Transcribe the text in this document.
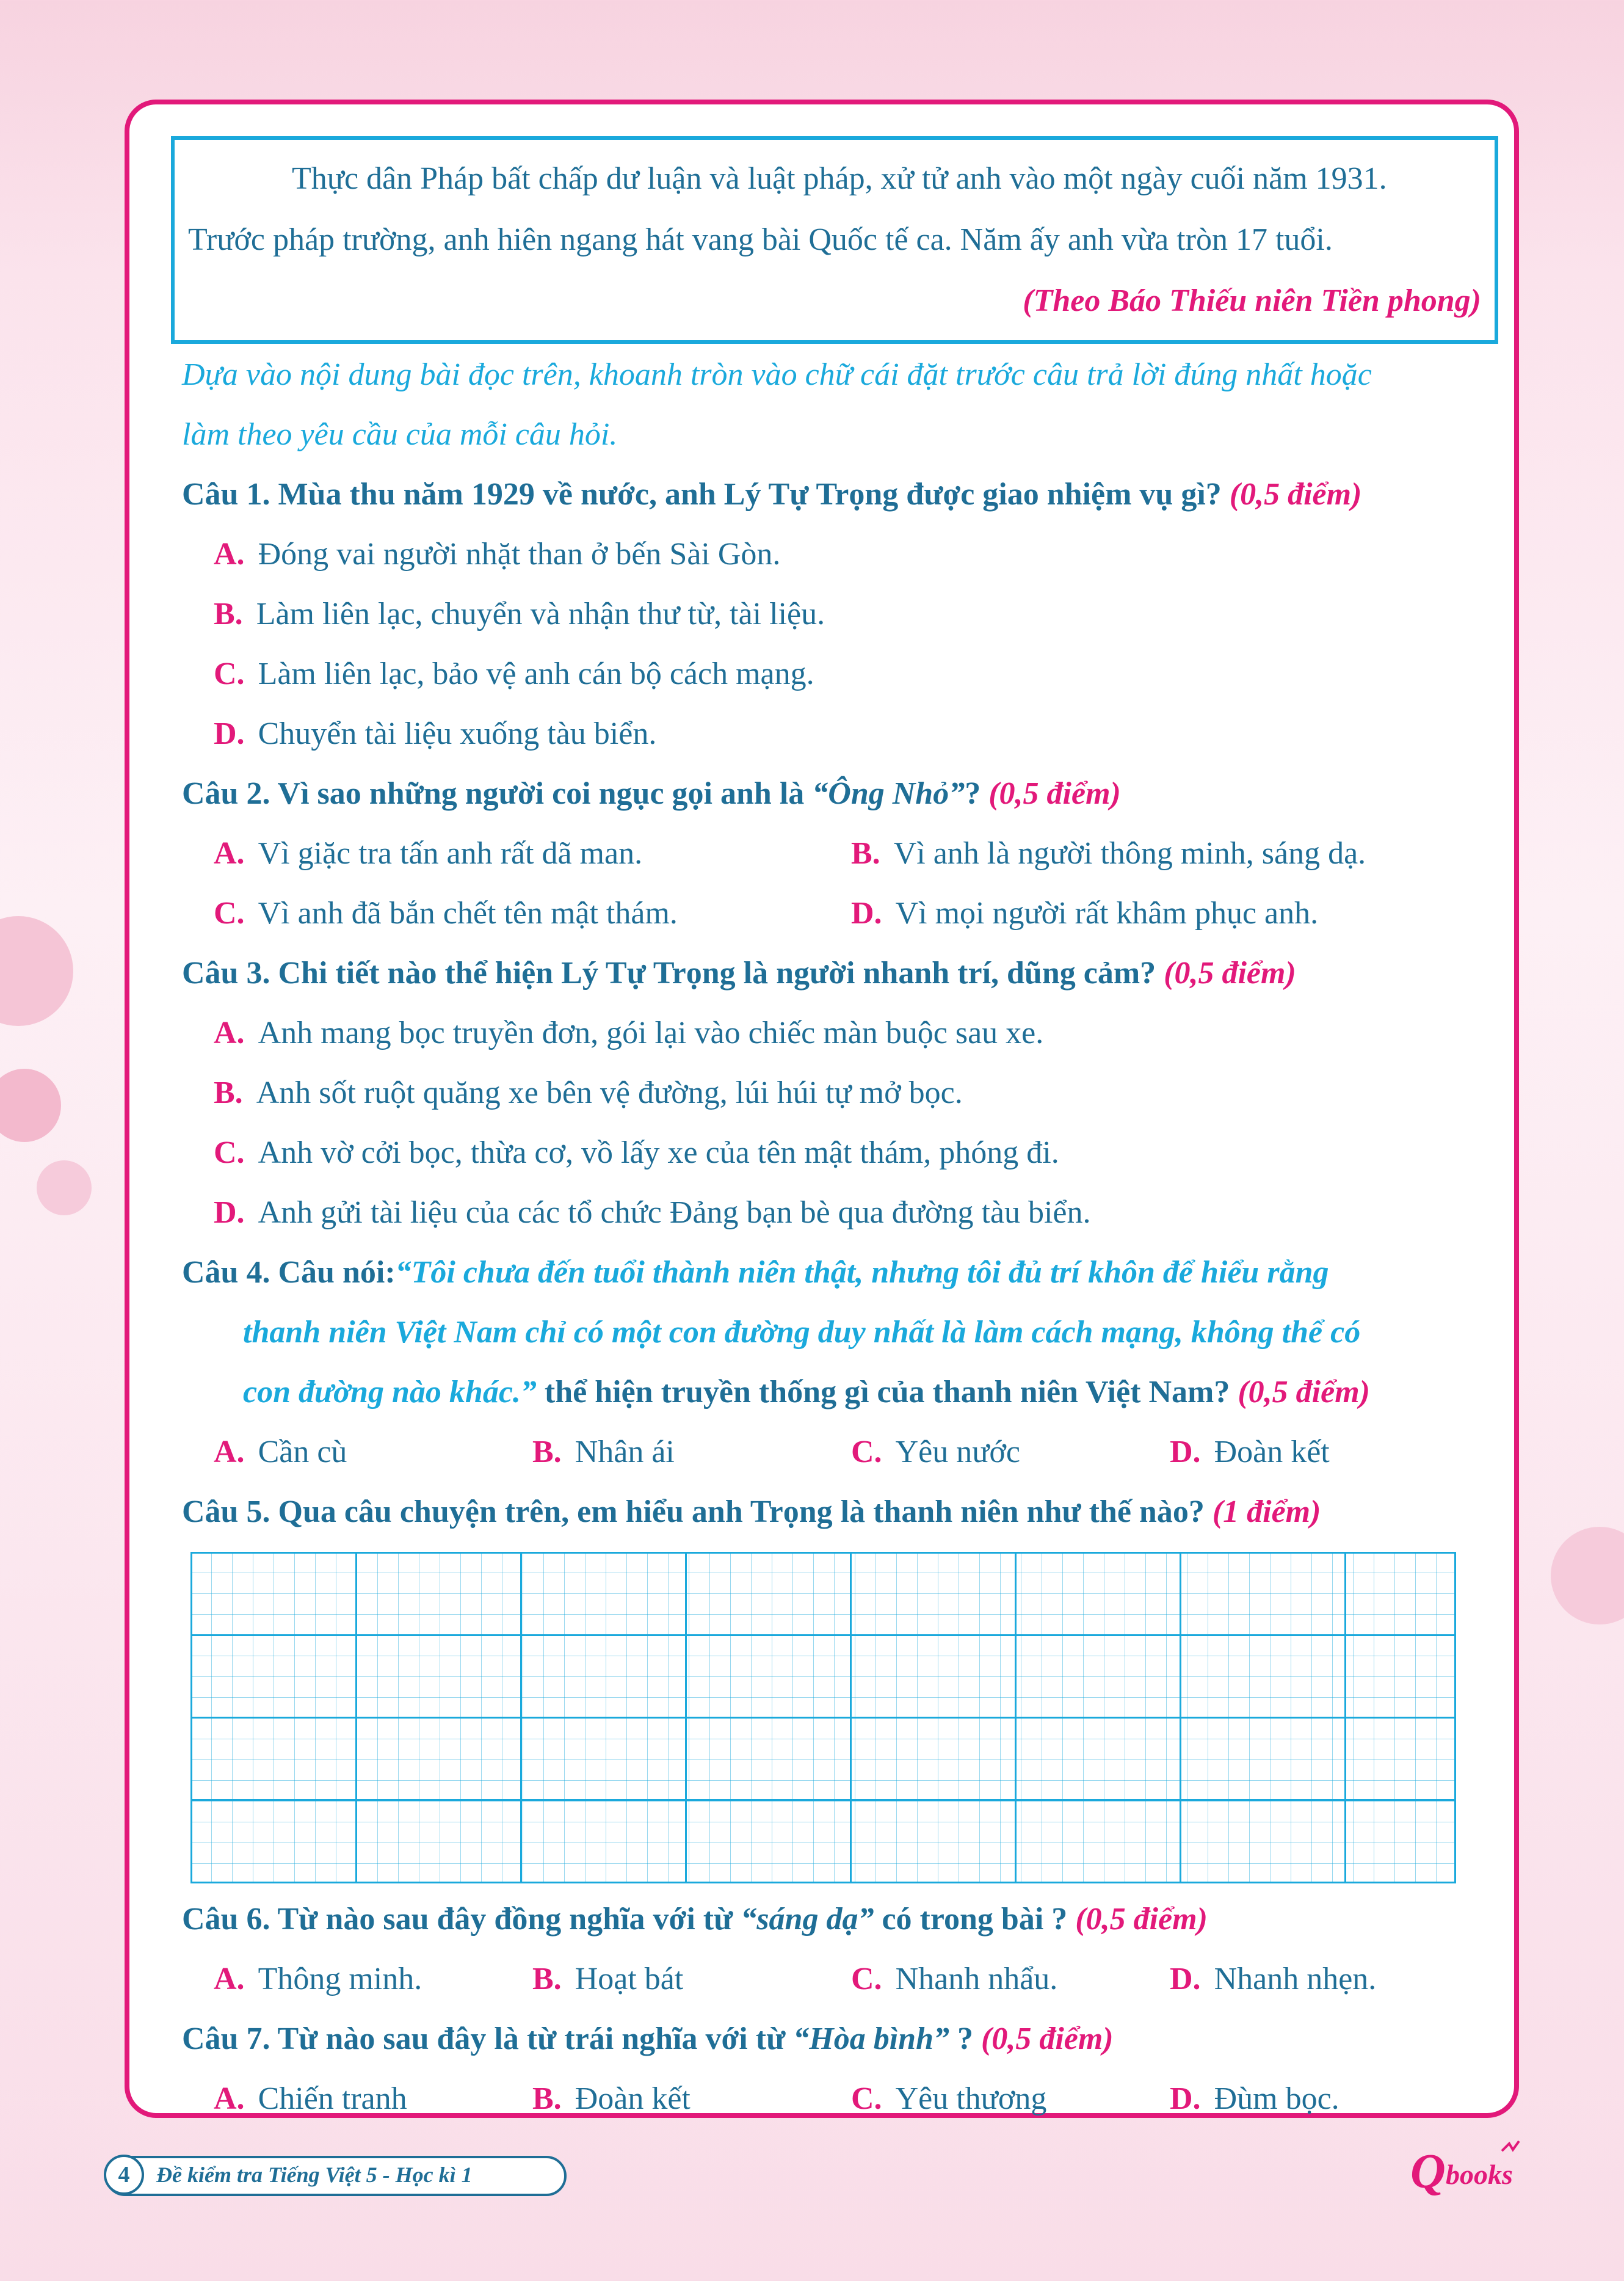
Thực dân Pháp bất chấp dư luận và luật pháp, xử tử anh vào một ngày cuối năm 1931.

Trước pháp trường, anh hiên ngang hát vang bài Quốc tế ca. Năm ấy anh vừa tròn 17 tuổi.

(Theo Báo Thiếu niên Tiền phong)

Dựa vào nội dung bài đọc trên, khoanh tròn vào chữ cái đặt trước câu trả lời đúng nhất hoặc

làm theo yêu cầu của mỗi câu hỏi.

Câu 1. Mùa thu năm 1929 về nước, anh Lý Tự Trọng được giao nhiệm vụ gì? (0,5 điểm)

A. Đóng vai người nhặt than ở bến Sài Gòn.
B. Làm liên lạc, chuyển và nhận thư từ, tài liệu.
C. Làm liên lạc, bảo vệ anh cán bộ cách mạng.
D. Chuyển tài liệu xuống tàu biển.

Câu 2. Vì sao những người coi ngục gọi anh là “Ông Nhỏ”? (0,5 điểm)

A. Vì giặc tra tấn anh rất dã man.	B. Vì anh là người thông minh, sáng dạ.
C. Vì anh đã bắn chết tên mật thám.	D. Vì mọi người rất khâm phục anh.

Câu 3. Chi tiết nào thể hiện Lý Tự Trọng là người nhanh trí, dũng cảm? (0,5 điểm)

A. Anh mang bọc truyền đơn, gói lại vào chiếc màn buộc sau xe.
B. Anh sốt ruột quăng xe bên vệ đường, lúi húi tự mở bọc.
C. Anh vờ cởi bọc, thừa cơ, vồ lấy xe của tên mật thám, phóng đi.
D. Anh gửi tài liệu của các tổ chức Đảng bạn bè qua đường tàu biển.

Câu 4. Câu nói:“Tôi chưa đến tuổi thành niên thật, nhưng tôi đủ trí khôn để hiểu rằng

thanh niên Việt Nam chỉ có một con đường duy nhất là làm cách mạng, không thể có

con đường nào khác.” thể hiện truyền thống gì của thanh niên Việt Nam? (0,5 điểm)

A. Cần cù	B. Nhân ái	C. Yêu nước	D. Đoàn kết

Câu 5. Qua câu chuyện trên, em hiểu anh Trọng là thanh niên như thế nào? (1 điểm)

Câu 6. Từ nào sau đây đồng nghĩa với từ “sáng dạ” có trong bài ? (0,5 điểm)

A. Thông minh.	B. Hoạt bát	C. Nhanh nhẩu.	D. Nhanh nhẹn.

Câu 7. Từ nào sau đây là từ trái nghĩa với từ “Hòa bình” ? (0,5 điểm)

A. Chiến tranh	B. Đoàn kết	C. Yêu thương	D. Đùm bọc.
4	Đề kiểm tra Tiếng Việt 5 - Học kì 1	Q books
